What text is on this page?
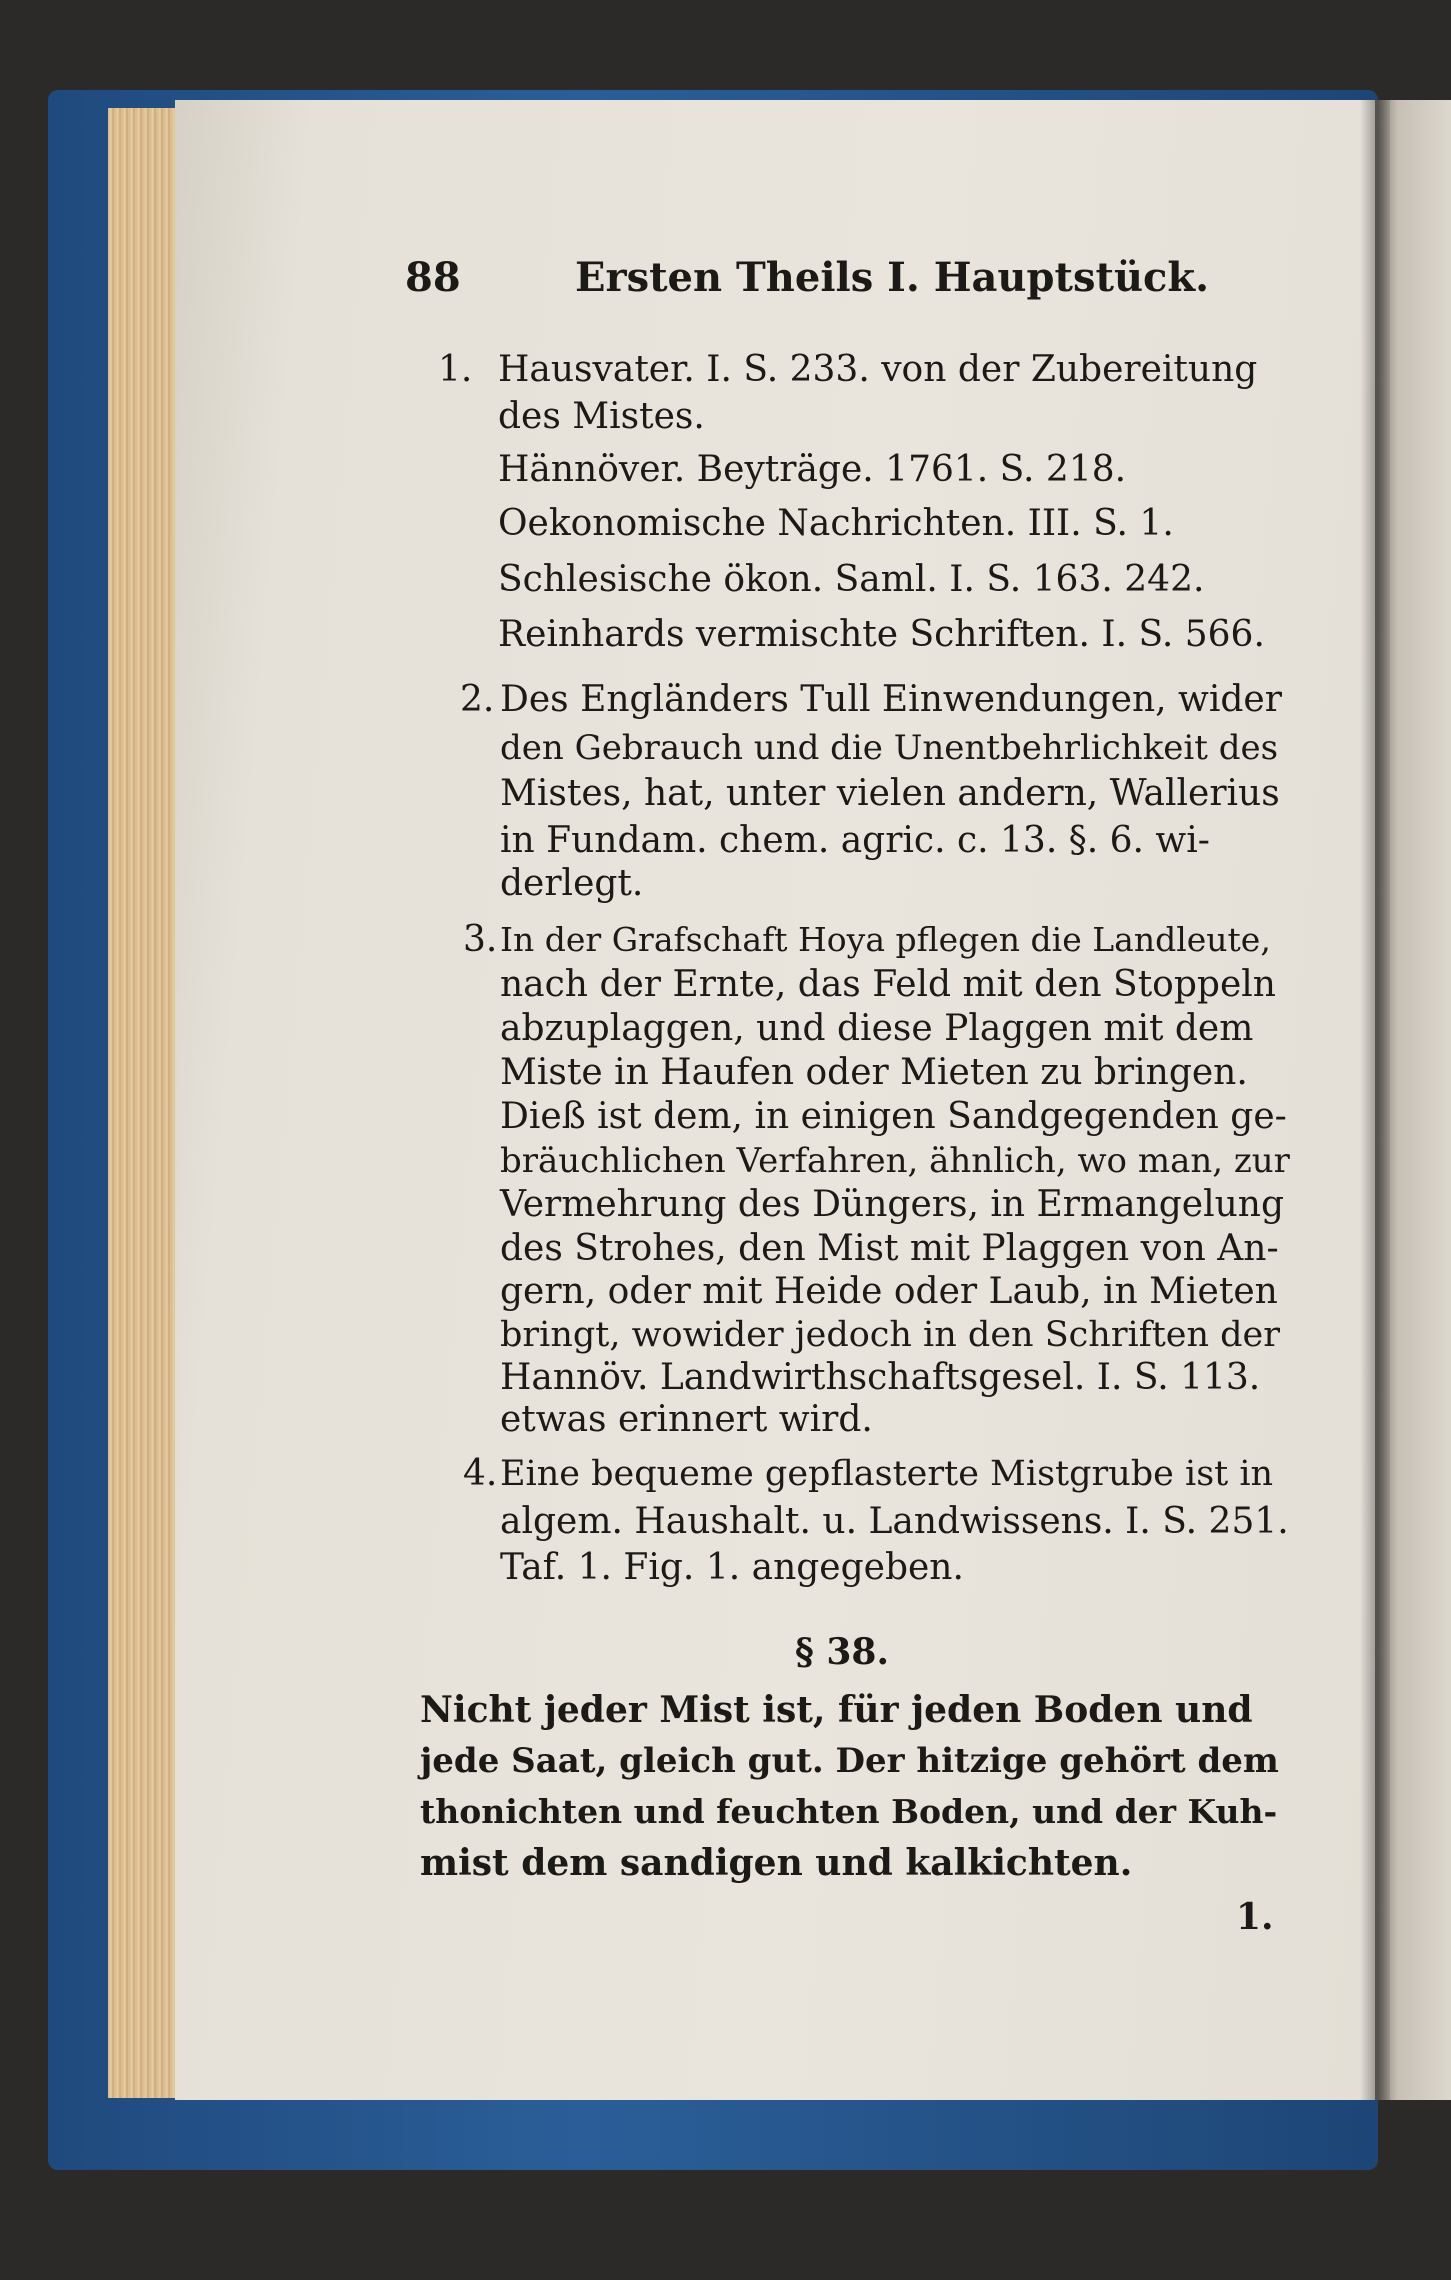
88	Ersten Theils I. Hauptstück.

1. Hausvater. I. S. 233. von der Zubereitung

des Mistes.

Hännöver. Beyträge. 1761. S. 218.

Oekonomische Nachrichten. III. S. 1.

Schlesische ökon. Saml. I. S. 163. 242.

Reinhards vermischte Schriften. I. S. 566.

2. Des Engländers Tull Einwendungen, wider

den Gebrauch und die Unentbehrlichkeit des

Mistes, hat, unter vielen andern, Wallerius

in Fundam. chem. agric. c. 13. §. 6. wi-

derlegt.

3. In der Grafschaft Hoya pflegen die Landleute,

nach der Ernte, das Feld mit den Stoppeln

abzuplaggen, und diese Plaggen mit dem

Miste in Haufen oder Mieten zu bringen.

Dieß ist dem, in einigen Sandgegenden ge-

bräuchlichen Verfahren, ähnlich, wo man, zur

Vermehrung des Düngers, in Ermangelung

des Strohes, den Mist mit Plaggen von An-

gern, oder mit Heide oder Laub, in Mieten

bringt, wowider jedoch in den Schriften der

Hannöv. Landwirthschaftsgesel. I. S. 113.

etwas erinnert wird.

4. Eine bequeme gepflasterte Mistgrube ist in

algem. Haushalt. u. Landwissens. I. S. 251.

Taf. 1. Fig. 1. angegeben.

§ 38.

Nicht jeder Mist ist, für jeden Boden und

jede Saat, gleich gut. Der hitzige gehört dem

thonichten und feuchten Boden, und der Kuh-

mist dem sandigen und kalkichten.

1.
